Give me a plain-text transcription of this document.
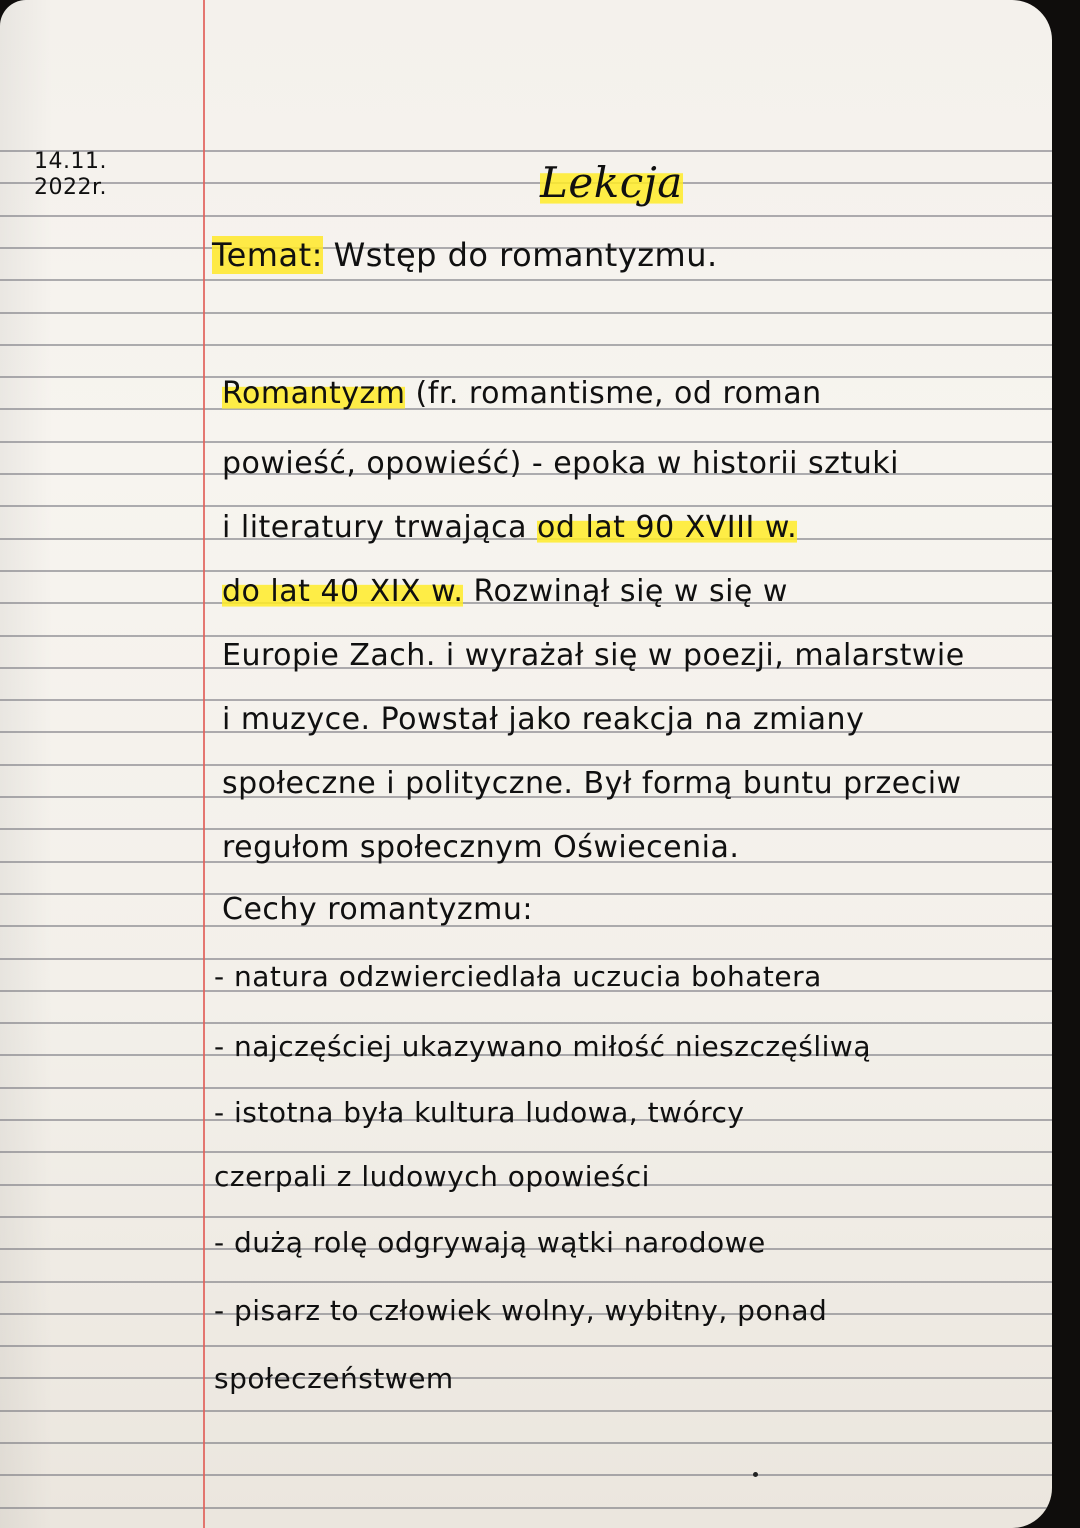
14.11.
2022r.	Lekcja
Temat: Wstęp do romantyzmu.
Romantyzm (fr. romantisme, od roman
powieść, opowieść) - epoka w historii sztuki
i literatury trwająca od lat 90 XVIII w.
do lat 40 XIX w. Rozwinął się w się w
Europie Zach. i wyrażał się w poezji, malarstwie
i muzyce. Powstał jako reakcja na zmiany
społeczne i polityczne. Był formą buntu przeciw
regułom społecznym Oświecenia.
Cechy romantyzmu:
- natura odzwierciedlała uczucia bohatera
- najczęściej ukazywano miłość nieszczęśliwą
- istotna była kultura ludowa, twórcy
czerpali z ludowych opowieści
- dużą rolę odgrywają wątki narodowe
- pisarz to człowiek wolny, wybitny, ponad
społeczeństwem
